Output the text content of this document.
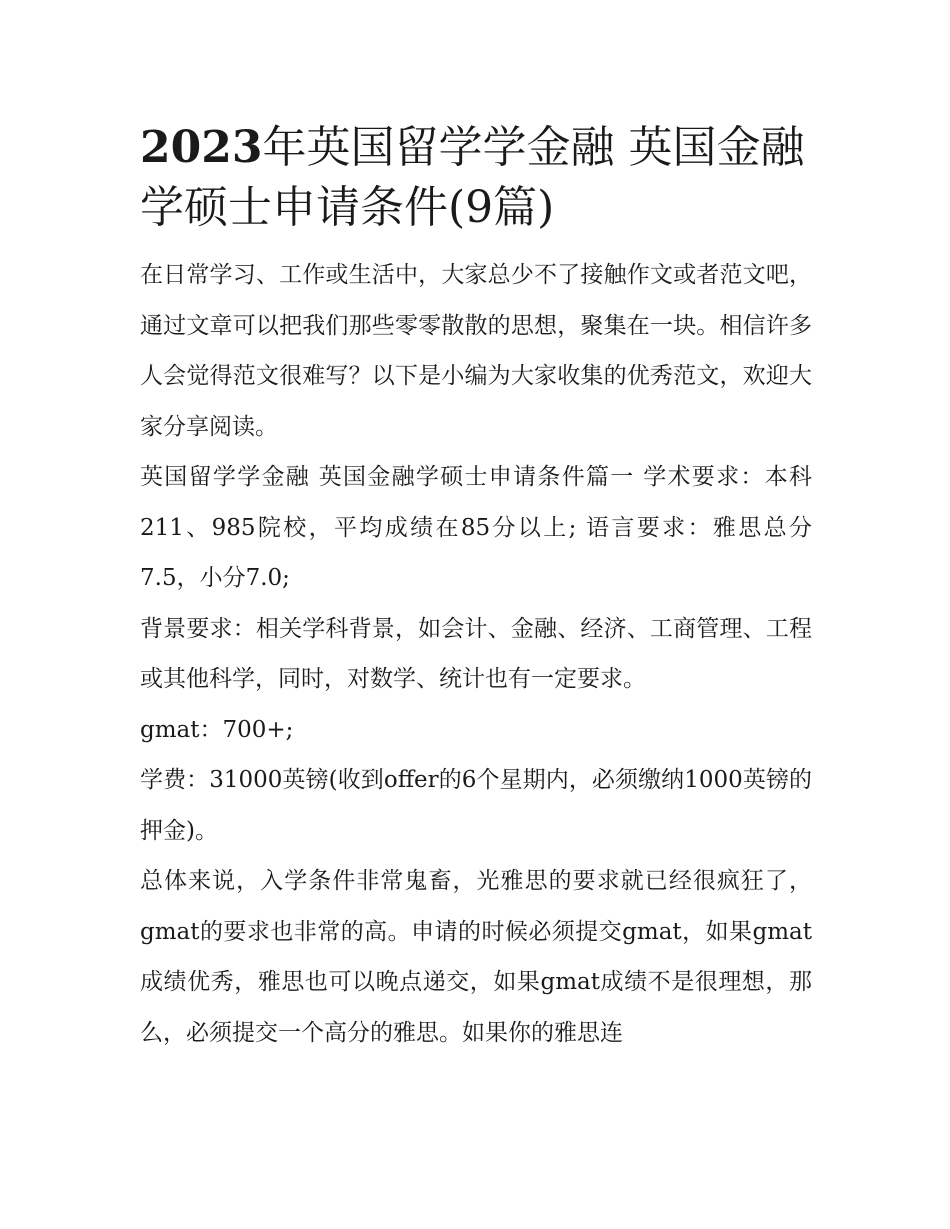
2023年英国留学学金融 英国金融学硕士申请条件(9篇)

在日常学习、工作或生活中，大家总少不了接触作文或者范文吧，通过文章可以把我们那些零零散散的思想，聚集在一块。相信许多人会觉得范文很难写？以下是小编为大家收集的优秀范文，欢迎大家分享阅读。

英国留学学金融 英国金融学硕士申请条件篇一 学术要求：本科211、985院校，平均成绩在85分以上; 语言要求：雅思总分7.5，小分7.0;

背景要求：相关学科背景，如会计、金融、经济、工商管理、工程或其他科学，同时，对数学、统计也有一定要求。

gmat：700+;

学费：31000英镑(收到offer的6个星期内，必须缴纳1000英镑的押金)。

总体来说，入学条件非常鬼畜，光雅思的要求就已经很疯狂了，gmat的要求也非常的高。申请的时候必须提交gmat，如果gmat成绩优秀，雅思也可以晚点递交，如果gmat成绩不是很理想，那么，必须提交一个高分的雅思。如果你的雅思连
